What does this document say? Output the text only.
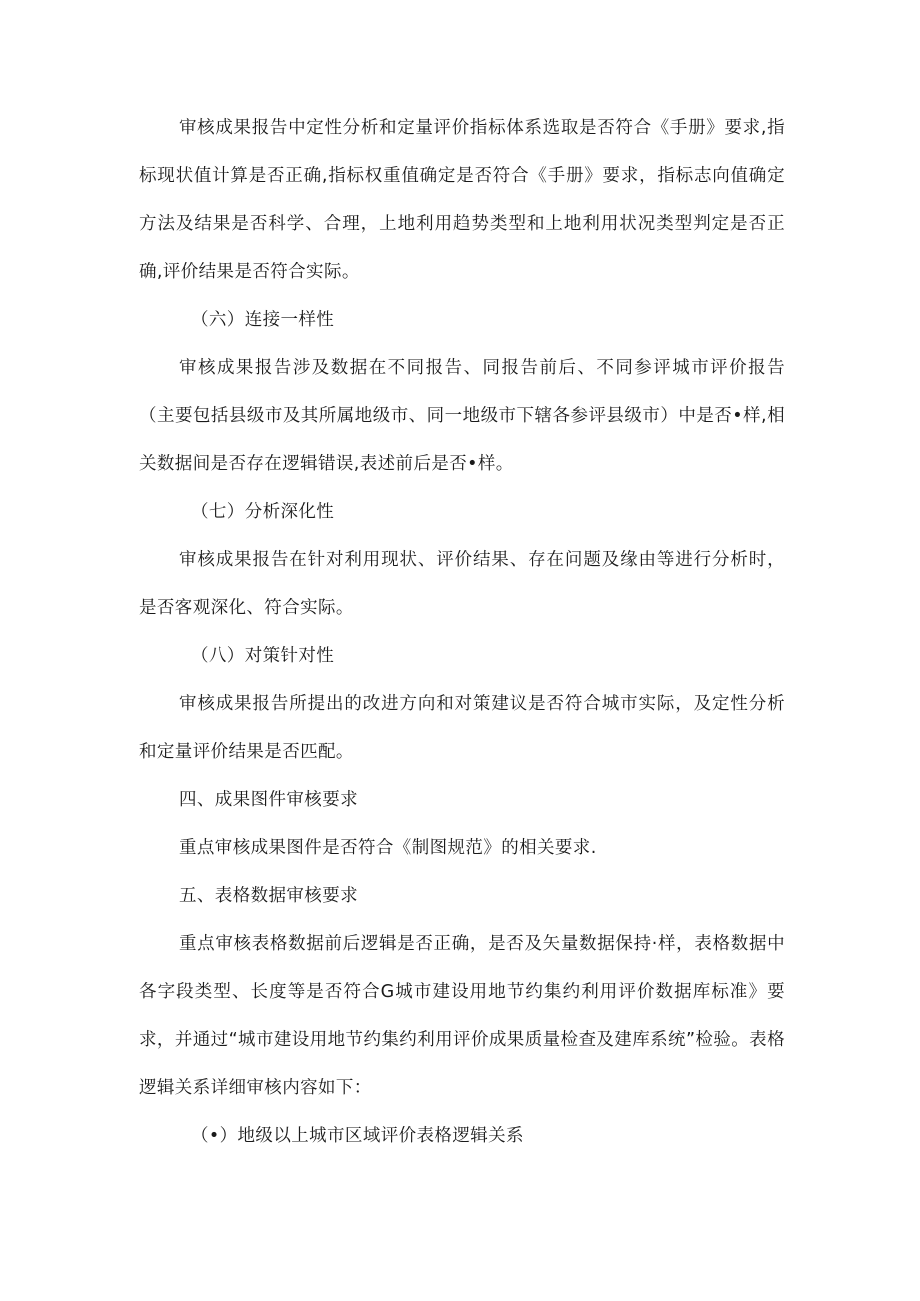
审核成果报告中定性分析和定量评价指标体系选取是否符合《手册》要求,指标现状值计算是否正确,指标权重值确定是否符合《手册》要求，指标志向值确定方法及结果是否科学、合理，上地利用趋势类型和上地利用状况类型判定是否正确,评价结果是否符合实际。

（六）连接一样性

审核成果报告涉及数据在不同报告、同报告前后、不同参评城市评价报告（主要包括县级市及其所属地级市、同一地级市下辖各参评县级市）中是否•样,相关数据间是否存在逻辑错误,表述前后是否•样。

（七）分析深化性

审核成果报告在针对利用现状、评价结果、存在问题及缘由等进行分析时，是否客观深化、符合实际。

（八）对策针对性

审核成果报告所提出的改进方向和对策建议是否符合城市实际，及定性分析和定量评价结果是否匹配。

四、成果图件审核要求

重点审核成果图件是否符合《制图规范》的相关要求.

五、表格数据审核要求

重点审核表格数据前后逻辑是否正确，是否及矢量数据保持·样，表格数据中各字段类型、长度等是否符合G城市建设用地节约集约利用评价数据库标准》要求，并通过“城市建设用地节约集约利用评价成果质量检查及建库系统”检验。表格逻辑关系详细审核内容如下：

（•）地级以上城市区域评价表格逻辑关系
